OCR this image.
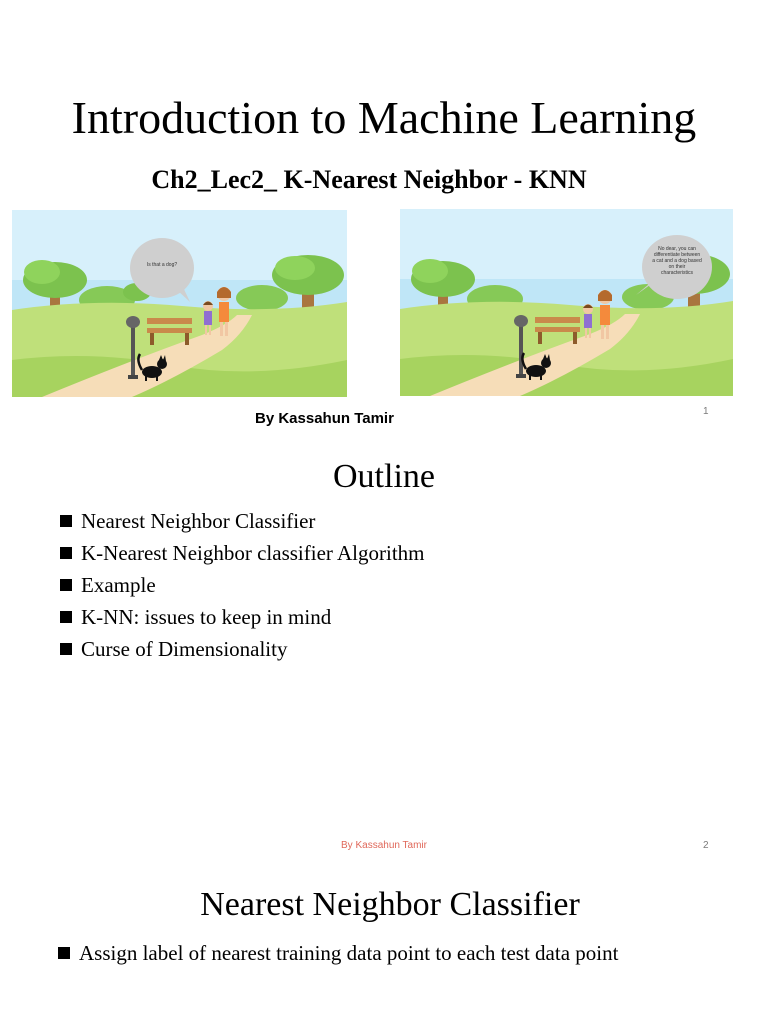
Introduction to Machine Learning
Ch2_Lec2_ K-Nearest Neighbor - KNN
Is that a dog?
No dear, you can differentiate between a cat and a dog based on their characteristics
By Kassahun Tamir	1
Outline
Nearest Neighbor Classifier
K-Nearest Neighbor classifier Algorithm
Example
K-NN: issues to keep in mind
Curse of Dimensionality
By Kassahun Tamir	2
Nearest Neighbor Classifier
Assign label of nearest training data point to each test data point
